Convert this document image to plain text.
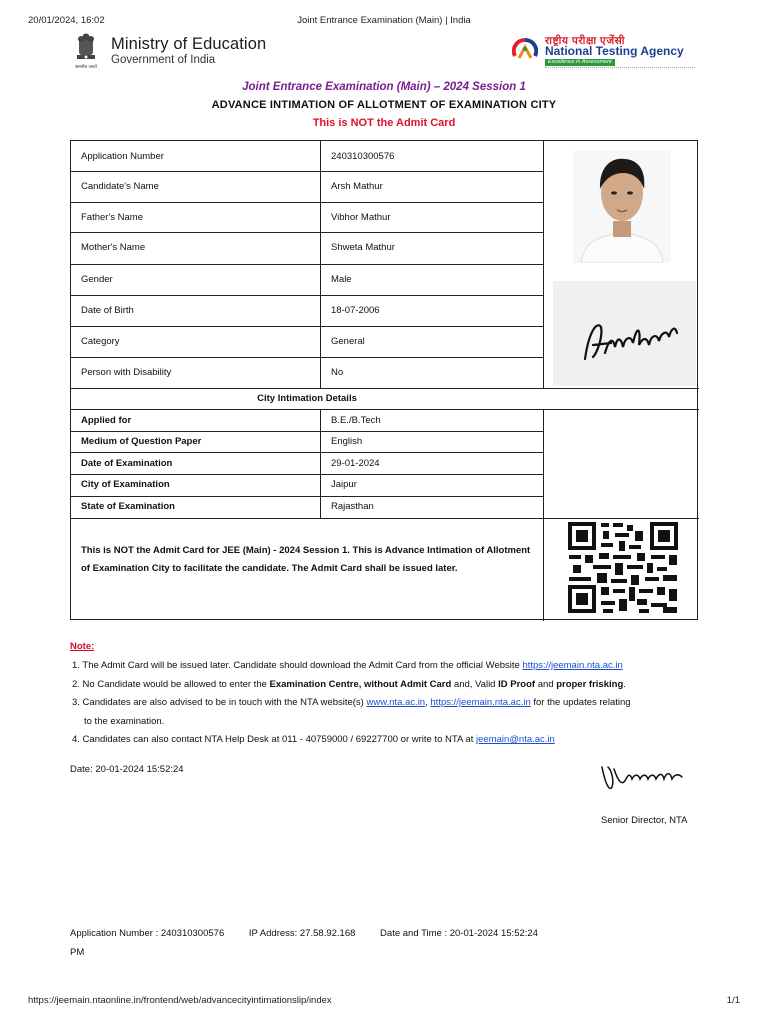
20/01/2024, 16:02	Joint Entrance Examination (Main) | India
सत्यमेव जयते
Ministry of Education
Government of India
राष्ट्रीय परीक्षा एजेंसी
National Testing Agency
Excellence in Assessment
Joint Entrance Examination (Main) – 2024 Session 1
ADVANCE INTIMATION OF ALLOTMENT OF EXAMINATION CITY
This is NOT the Admit Card
Application Number	240310300576
Candidate's Name	Arsh Mathur
Father's Name	Vibhor Mathur
Mother's Name	Shweta Mathur
Gender	Male
Date of Birth	18-07-2006
Category	General
Person with Disability	No
City Intimation Details
Applied for	B.E./B.Tech
Medium of Question Paper	English
Date of Examination	29-01-2024
City of Examination	Jaipur
State of Examination	Rajasthan
This is NOT the Admit Card for JEE (Main) - 2024 Session 1. This is Advance Intimation of Allotment of Examination City to facilitate the candidate. The Admit Card shall be issued later.
Note:
1. The Admit Card will be issued later. Candidate should download the Admit Card from the official Website https://jeemain.nta.ac.in
2. No Candidate would be allowed to enter the Examination Centre, without Admit Card and, Valid ID Proof and proper frisking.
3. Candidates are also advised to be in touch with the NTA website(s) www.nta.ac.in, https://jeemain.nta.ac.in for the updates relating
to the examination.
4. Candidates can also contact NTA Help Desk at 011 - 40759000 / 69227700 or write to NTA at jeemain@nta.ac.in
Date: 20-01-2024 15:52:24
Senior Director, NTA
Application Number : 240310300576	IP Address: 27.58.92.168	Date and Time : 20-01-2024 15:52:24
PM
https://jeemain.ntaonline.in/frontend/web/advancecityintimationslip/index	1/1
